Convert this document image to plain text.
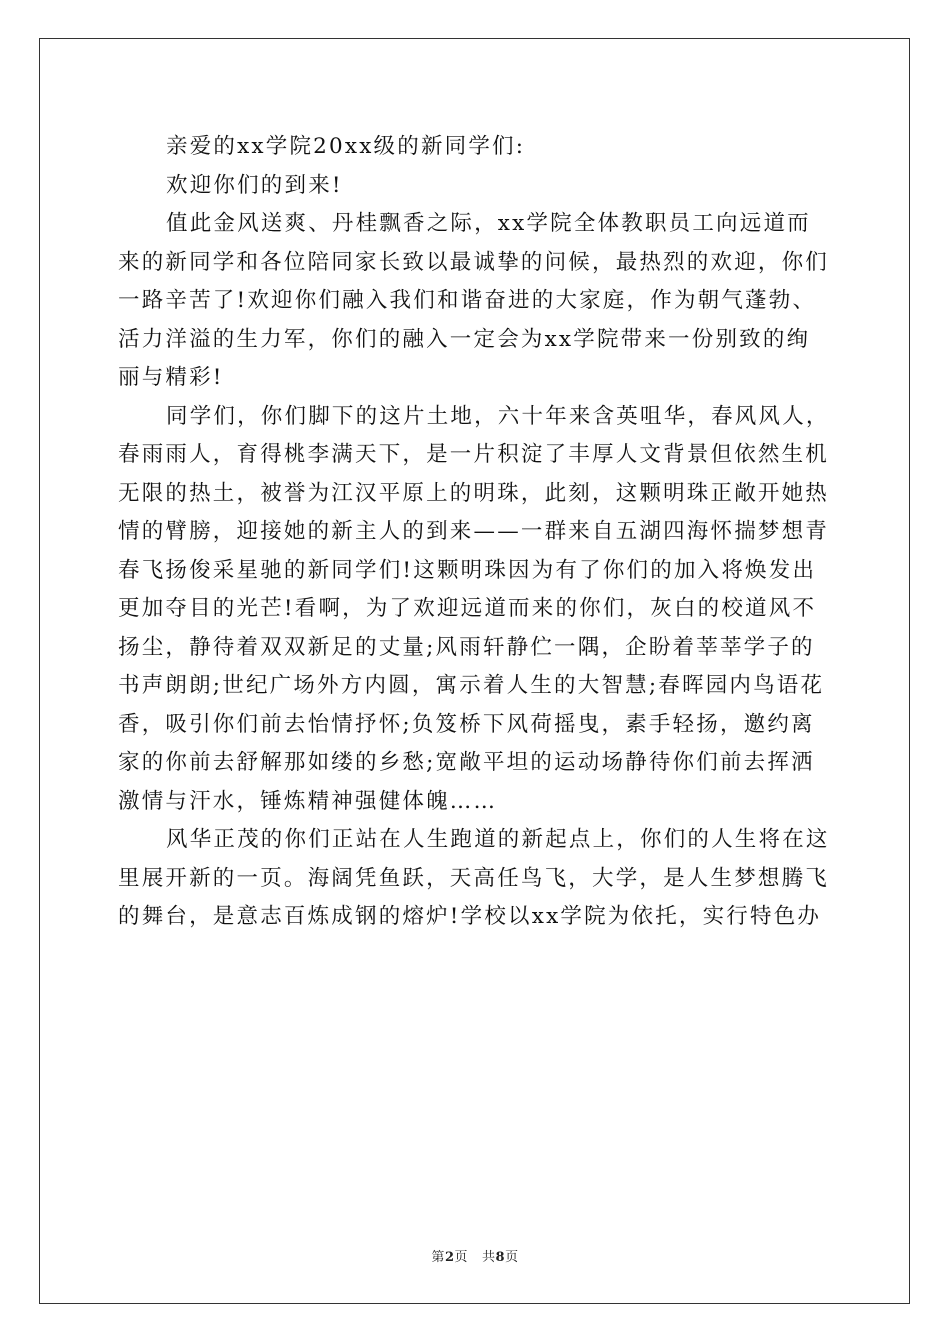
亲爱的xx学院20xx级的新同学们:
欢迎你们的到来!
值此金风送爽、丹桂飘香之际，xx学院全体教职员工向远道而
来的新同学和各位陪同家长致以最诚挚的问候，最热烈的欢迎，你们
一路辛苦了!欢迎你们融入我们和谐奋进的大家庭，作为朝气蓬勃、
活力洋溢的生力军，你们的融入一定会为xx学院带来一份别致的绚
丽与精彩!
同学们，你们脚下的这片土地，六十年来含英咀华，春风风人，
春雨雨人，育得桃李满天下，是一片积淀了丰厚人文背景但依然生机
无限的热土，被誉为江汉平原上的明珠，此刻，这颗明珠正敞开她热
情的臂膀，迎接她的新主人的到来——一群来自五湖四海怀揣梦想青
春飞扬俊采星驰的新同学们!这颗明珠因为有了你们的加入将焕发出
更加夺目的光芒!看啊，为了欢迎远道而来的你们，灰白的校道风不
扬尘，静待着双双新足的丈量;风雨轩静伫一隅，企盼着莘莘学子的
书声朗朗;世纪广场外方内圆，寓示着人生的大智慧;春晖园内鸟语花
香，吸引你们前去怡情抒怀;负笈桥下风荷摇曳，素手轻扬，邀约离
家的你前去舒解那如缕的乡愁;宽敞平坦的运动场静待你们前去挥洒
激情与汗水，锤炼精神强健体魄……
风华正茂的你们正站在人生跑道的新起点上，你们的人生将在这
里展开新的一页。海阔凭鱼跃，天高任鸟飞，大学，是人生梦想腾飞
的舞台，是意志百炼成钢的熔炉!学校以xx学院为依托，实行特色办
第2页 共8页
